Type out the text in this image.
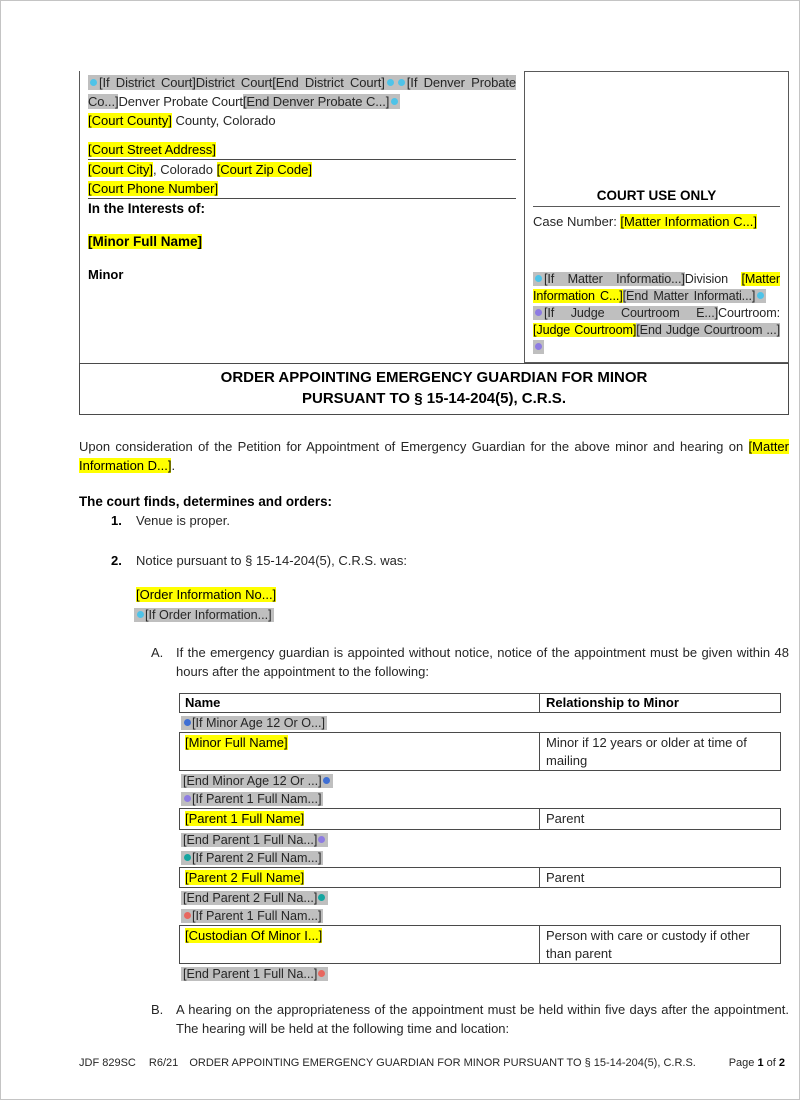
[If District Court]District Court[End District Court] [If Denver Probate Co...]Denver Probate Court[End Denver Probate C...]

[Court County] County, Colorado

[Court Street Address]

[Court City], Colorado [Court Zip Code]

[Court Phone Number]

In the Interests of:

[Minor Full Name]

Minor

COURT USE ONLY

Case Number: [Matter Information C...]

[If Matter Informatio...]Division [Matter Information C...][End Matter Informati...]    [If Judge Courtroom E...]Courtroom: [Judge Courtroom][End Judge Courtroom ...]

ORDER APPOINTING EMERGENCY GUARDIAN FOR MINOR

PURSUANT TO § 15-14-204(5), C.R.S.

Upon consideration of the Petition for Appointment of Emergency Guardian for the above minor and hearing on [Matter Information D...].

The court finds, determines and orders:

1.	Venue is proper.
2.	Notice pursuant to § 15-14-204(5), C.R.S. was:

[Order Information No...]

[If Order Information...]

A. If the emergency guardian is appointed without notice, notice of the appointment must be given within 48 hours after the appointment to the following:
Name	Relationship to Minor

[If Minor Age 12 Or O...]

[Minor Full Name]	Minor if 12 years or older at time of mailing

[End Minor Age 12 Or ...]

[If Parent 1 Full Nam...]

[Parent 1 Full Name]	Parent

[End Parent 1 Full Na...]

[If Parent 2 Full Nam...]

[Parent 2 Full Name]	Parent

[End Parent 2 Full Na...]

[If Parent 1 Full Nam...]

[Custodian Of Minor I...]	Person with care or custody if other than parent

[End Parent 1 Full Na...]

B. A hearing on the appropriateness of the appointment must be held within five days after the appointment. The hearing will be held at the following time and location:
JDF 829SC R6/21 ORDER APPOINTING EMERGENCY GUARDIAN FOR MINOR PURSUANT TO § 15-14-204(5), C.R.S.	Page 1 of 2
